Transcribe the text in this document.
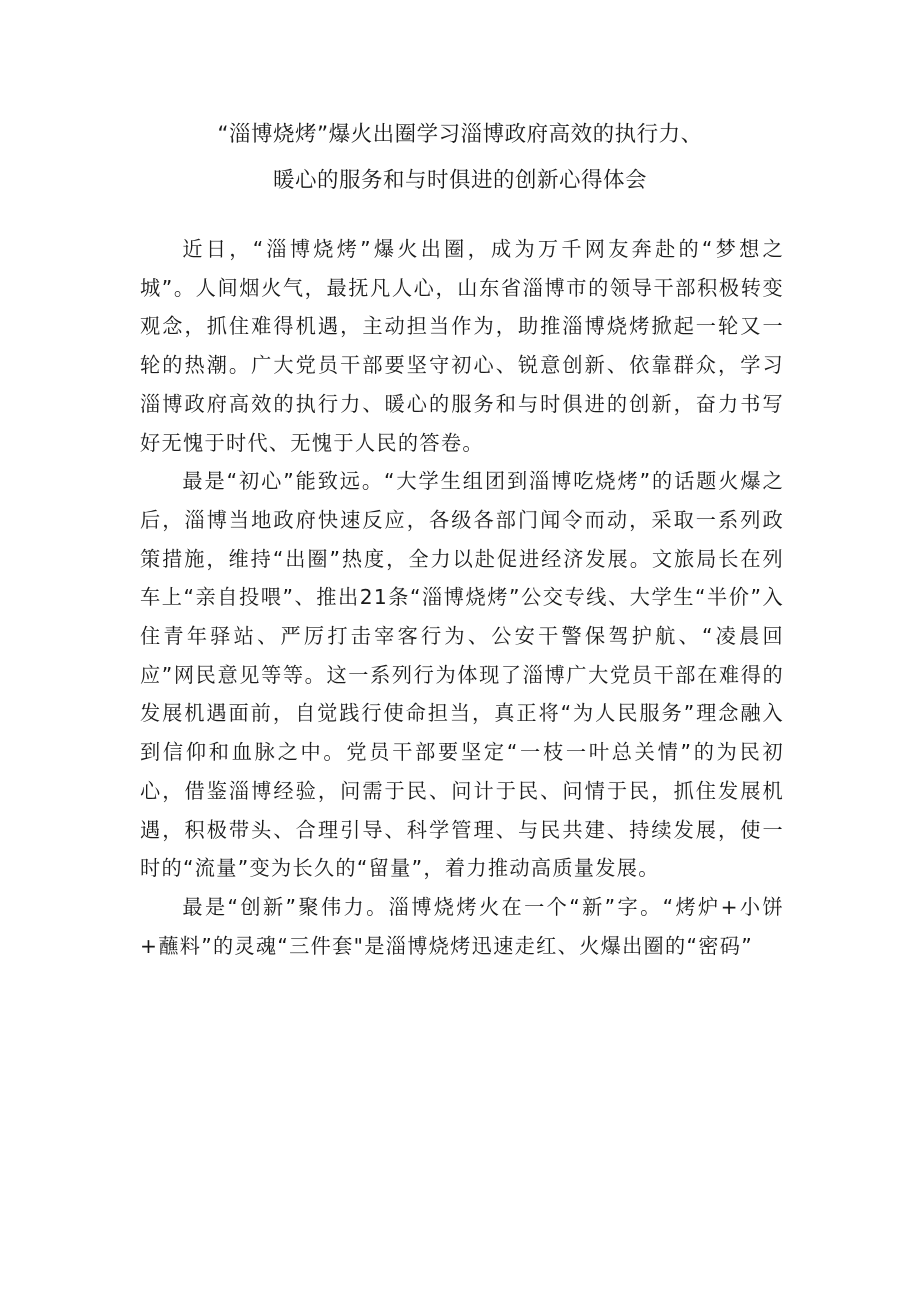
“淄博烧烤”爆火出圈学习淄博政府高效的执行力、
暖心的服务和与时俱进的创新心得体会

近日，“淄博烧烤”爆火出圈，成为万千网友奔赴的“梦想之城”。人间烟火气，最抚凡人心，山东省淄博市的领导干部积极转变观念，抓住难得机遇，主动担当作为，助推淄博烧烤掀起一轮又一轮的热潮。广大党员干部要坚守初心、锐意创新、依靠群众，学习淄博政府高效的执行力、暖心的服务和与时俱进的创新，奋力书写好无愧于时代、无愧于人民的答卷。

最是“初心”能致远。“大学生组团到淄博吃烧烤”的话题火爆之后，淄博当地政府快速反应，各级各部门闻令而动，采取一系列政策措施，维持“出圈”热度，全力以赴促进经济发展。文旅局长在列车上“亲自投喂”、推出21条“淄博烧烤”公交专线、大学生“半价”入住青年驿站、严厉打击宰客行为、公安干警保驾护航、“凌晨回应”网民意见等等。这一系列行为体现了淄博广大党员干部在难得的发展机遇面前，自觉践行使命担当，真正将“为人民服务”理念融入到信仰和血脉之中。党员干部要坚定“一枝一叶总关情”的为民初心，借鉴淄博经验，问需于民、问计于民、问情于民，抓住发展机遇，积极带头、合理引导、科学管理、与民共建、持续发展，使一时的“流量”变为长久的“留量”，着力推动高质量发展。

最是“创新”聚伟力。淄博烧烤火在一个“新”字。“烤炉+小饼+蘸料”的灵魂“三件套"是淄博烧烤迅速走红、火爆出圈的“密码”
